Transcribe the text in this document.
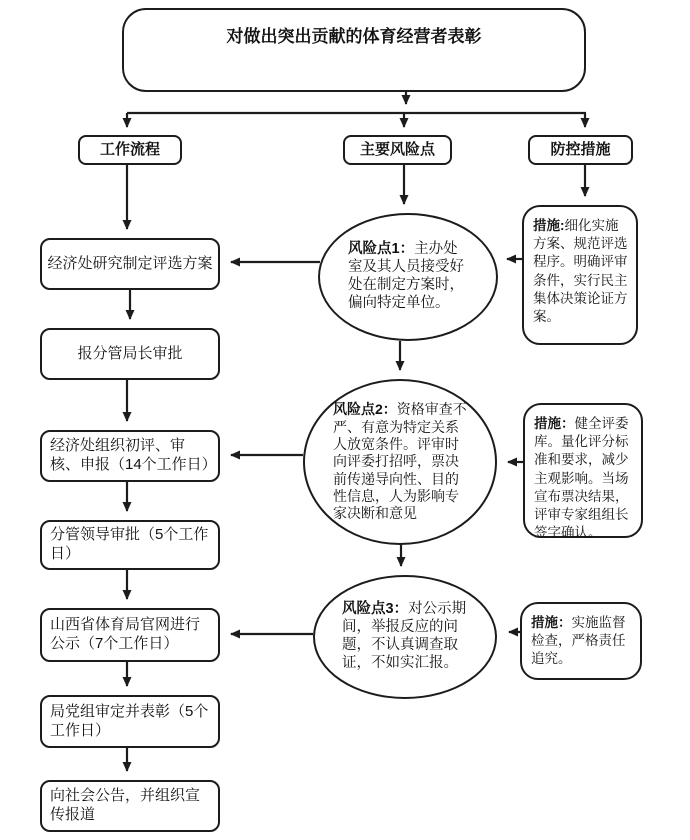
对做出突出贡献的体育经营者表彰
工作流程	主要风险点	防控措施
经济处研究制定评选方案
报分管局长审批
经济处组织初评、审核、申报（14个工作日）
分管领导审批（5个工作日）
山西省体育局官网进行公示（7个工作日）
局党组审定并表彰（5个工作日）
向社会公告，并组织宣传报道
风险点1：主办处室及其人员接受好处在制定方案时，偏向特定单位。
风险点2：资格审查不严、有意为特定关系人放宽条件。评审时向评委打招呼，票决前传递导向性、目的性信息，人为影响专家决断和意见
风险点3：对公示期间，举报反应的问题，不认真调查取证，不如实汇报。
措施:细化实施方案、规范评选程序。明确评审条件，实行民主集体决策论证方案。
措施：健全评委库。量化评分标准和要求，减少主观影响。当场宣布票决结果，评审专家组组长签字确认。
措施：实施监督检查，严格责任追究。
